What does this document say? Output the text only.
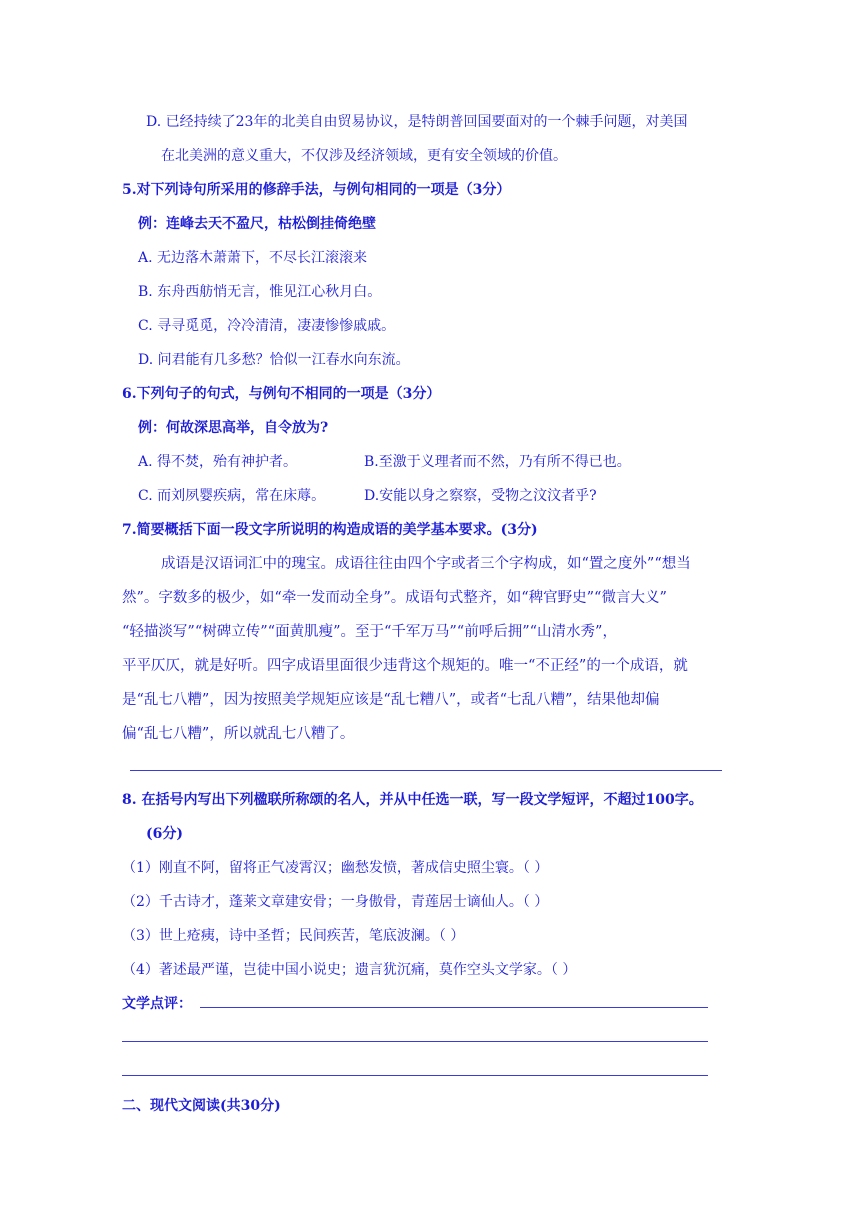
D. 已经持续了23年的北美自由贸易协议，是特朗普回国要面对的一个棘手问题，对美国
在北美洲的意义重大，不仅涉及经济领域，更有安全领域的价值。
5.对下列诗句所采用的修辞手法，与例句相同的一项是（3分）
例：连峰去天不盈尺，枯松倒挂倚绝壁
A. 无边落木萧萧下，不尽长江滚滚来
B. 东舟西舫悄无言，惟见江心秋月白。
C. 寻寻觅觅，冷冷清清，凄凄惨惨戚戚。
D. 问君能有几多愁？恰似一江春水向东流。
6.下列句子的句式，与例句不相同的一项是（3分）
例：何故深思高举，自令放为?
A. 得不焚，殆有神护者。	B.至激于义理者而不然，乃有所不得已也。
C. 而刘夙婴疾病，常在床蓐。	D.安能以身之察察，受物之汶汶者乎?
7.简要概括下面一段文字所说明的构造成语的美学基本要求。(3分)
成语是汉语词汇中的瑰宝。成语往往由四个字或者三个字构成，如“置之度外”“想当
然”。字数多的极少，如“牵一发而动全身”。成语句式整齐，如“稗官野史”“微言大义”
“轻描淡写”“树碑立传”“面黄肌瘦”。至于“千军万马”“前呼后拥”“山清水秀”，
平平仄仄，就是好听。四字成语里面很少违背这个规矩的。唯一“不正经”的一个成语，就
是“乱七八糟”，因为按照美学规矩应该是“乱七糟八”，或者“七乱八糟”，结果他却偏
偏“乱七八糟”，所以就乱七八糟了。
8. 在括号内写出下列楹联所称颂的名人，并从中任选一联，写一段文学短评，不超过100字。
(6分)
（1）刚直不阿，留将正气凌霄汉；幽愁发愤，著成信史照尘寰。（ ）
（2）千古诗才，蓬莱文章建安骨；一身傲骨，青莲居士谪仙人。（ ）
（3）世上疮痍，诗中圣哲；民间疾苦，笔底波澜。（ ）
（4）著述最严谨，岂徒中国小说史；遗言犹沉痛，莫作空头文学家。（ ）
文学点评：
二、现代文阅读(共30分)
